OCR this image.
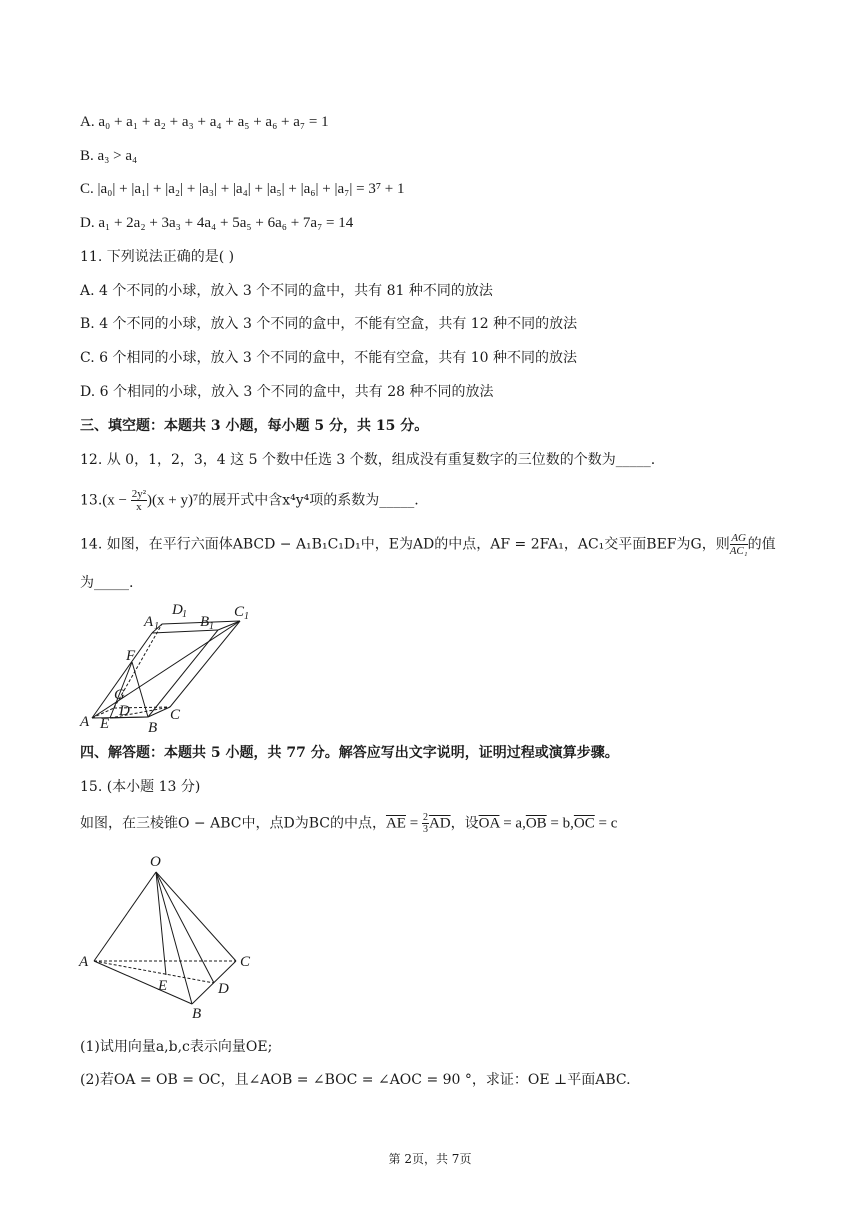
A. a₀ + a₁ + a₂ + a₃ + a₄ + a₅ + a₆ + a₇ = 1
B. a₃ > a₄
C. |a₀| + |a₁| + |a₂| + |a₃| + |a₄| + |a₅| + |a₆| + |a₇| = 3⁷ + 1
D. a₁ + 2a₂ + 3a₃ + 4a₄ + 5a₅ + 6a₆ + 7a₇ = 14
11. 下列说法正确的是( )
A. 4 个不同的小球，放入 3 个不同的盒中，共有 81 种不同的放法
B. 4 个不同的小球，放入 3 个不同的盒中，不能有空盒，共有 12 种不同的放法
C. 6 个相同的小球，放入 3 个不同的盒中，不能有空盒，共有 10 种不同的放法
D. 6 个相同的小球，放入 3 个不同的盒中，共有 28 种不同的放法
三、填空题：本题共 3 小题，每小题 5 分，共 15 分。
12. 从 0，1，2，3，4 这 5 个数中任选 3 个数，组成没有重复数字的三位数的个数为_____.
$13.(x - \frac{\text{2y²}}{x} )(x + y)^7$的展开式中含x⁴y⁴项的系数为_____.
14. 如图，在平行六面体ABCD − A₁B₁C₁D₁中，E为AD的中点，AF = 2FA₁，AC₁交平面BEF为G，则 $\frac{AG}{\text{AC₁}}$ 的值
为_____.
A 1
D 1 B 1
C 1
F
G
D
A E	B
C
四、解答题：本题共 5 小题，共 77 分。解答应写出文字说明，证明过程或演算步骤。
15. (本小题 13 分)
如图，在三棱锥O − ABC中，点D为BC的中点，$\overline{AE} = \frac{2}{3} \overline{AD}$，设$\overline{OA} = a,\overline{OB} = b,\overline{OC} = c$
O
A	C
E	D
B
(1)试用向量a,b,c表示向量OE;
(2)若OA = OB = OC，且∠AOB = ∠BOC = ∠AOC = 90 °，求证：OE ⊥平面ABC.
第 2页，共 7页
